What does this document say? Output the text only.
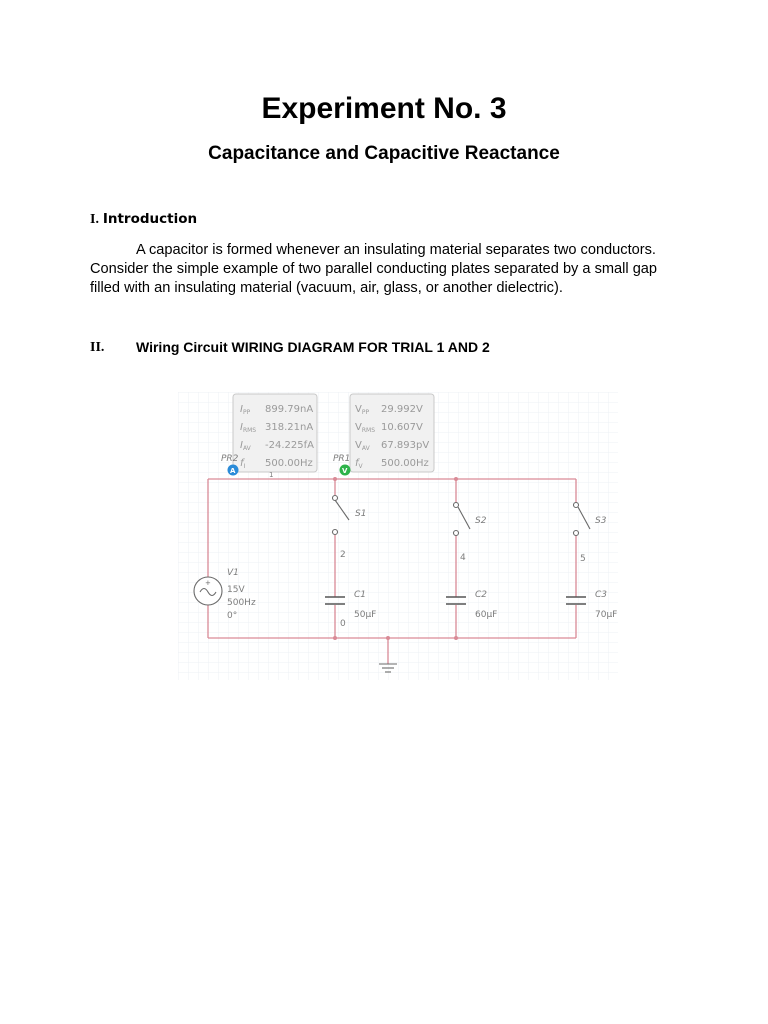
Experiment No. 3
Capacitance and Capacitive Reactance
I. Introduction
A capacitor is formed whenever an insulating material separates two conductors. Consider the simple example of two parallel conducting plates separated by a small gap filled with an insulating material (vacuum, air, glass, or another dielectric).
II. Wiring Circuit WIRING DIAGRAM FOR TRIAL 1 AND 2
$I_{PP}$ 899.79nA
$I_{RMS}$ 318.21nA
$I_{AV}$ -24.225fA
$f_I$ 500.00Hz
$V_{PP}$ 29.992V
$V_{RMS}$ 10.607V
$V_{AV}$ 67.893pV
$f_V$ 500.00Hz
+
A	V
PR2	PR1
1
S1
S2	S3
2	4	5
0
V1
15V
500Hz
0°
C1
50µF
C2
60µF
C3
70µF
